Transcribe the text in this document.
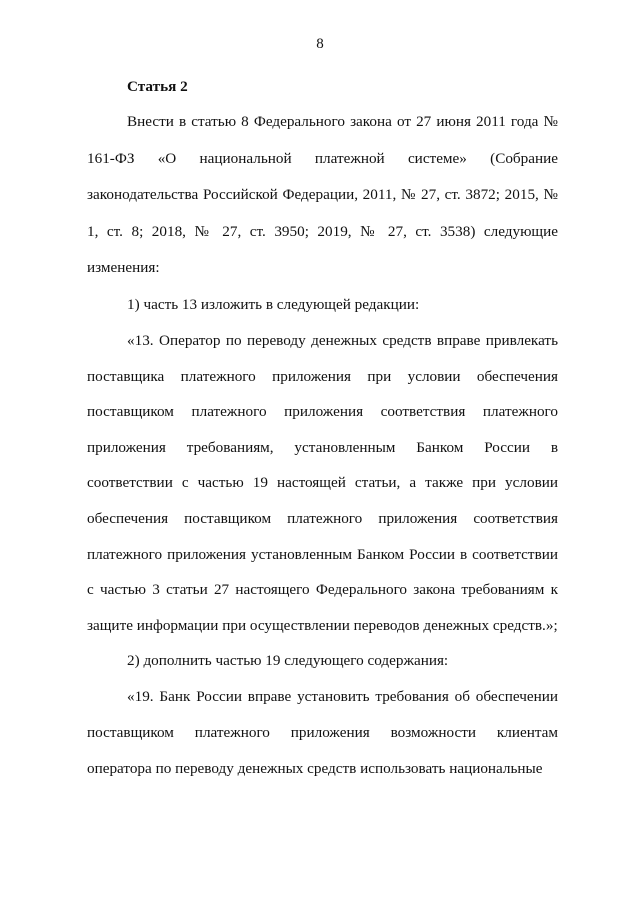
8

Статья 2

Внести в статью 8 Федерального закона от 27 июня 2011 года № 161-ФЗ «О национальной платежной системе» (Собрание законодательства Российской Федерации, 2011, № 27, ст. 3872; 2015, № 1, ст. 8; 2018, № 27, ст. 3950; 2019, № 27, ст. 3538) следующие изменения:

1) часть 13 изложить в следующей редакции:

«13. Оператор по переводу денежных средств вправе привлекать поставщика платежного приложения при условии обеспечения поставщиком платежного приложения соответствия платежного приложения требованиям, установленным Банком России в соответствии с частью 19 настоящей статьи, а также при условии обеспечения поставщиком платежного приложения соответствия платежного приложения установленным Банком России в соответствии с частью 3 статьи 27 настоящего Федерального закона требованиям к защите информации при осуществлении переводов денежных средств.»;

2) дополнить частью 19 следующего содержания:

«19. Банк России вправе установить требования об обеспечении поставщиком платежного приложения возможности клиентам оператора по переводу денежных средств использовать национальные
